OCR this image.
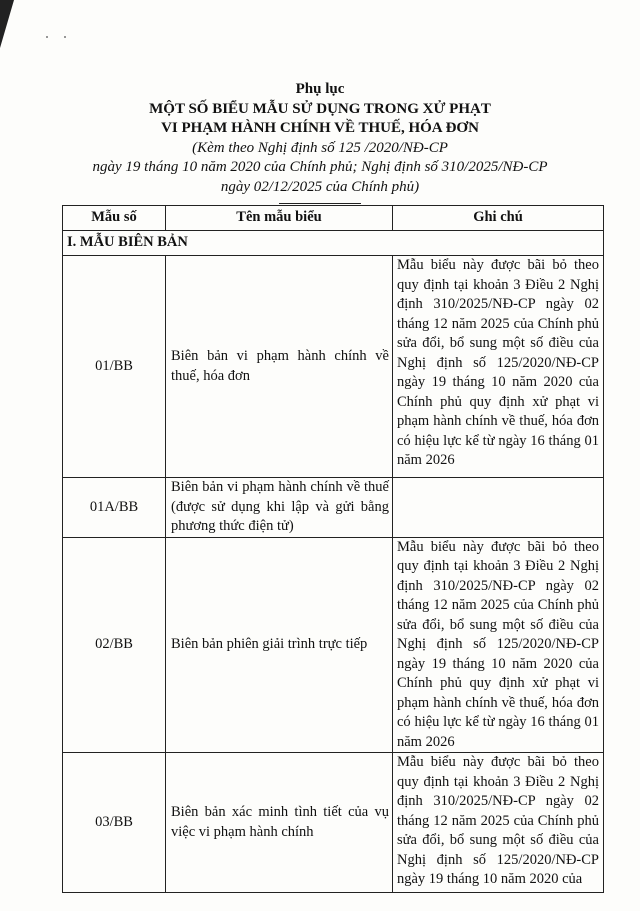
Phụ lục
MỘT SỐ BIỂU MẪU SỬ DỤNG TRONG XỬ PHẠT
VI PHẠM HÀNH CHÍNH VỀ THUẾ, HÓA ĐƠN
(Kèm theo Nghị định số 125 /2020/NĐ-CP
ngày 19 tháng 10 năm 2020 của Chính phủ; Nghị định số 310/2025/NĐ-CP
ngày 02/12/2025 của Chính phủ)
Mẫu số	Tên mẫu biểu	Ghi chú
I. MẪU BIÊN BẢN		
01/BB	Biên bản vi phạm hành chính về thuế, hóa đơn	Mẫu biểu này được bãi bỏ theo quy định tại khoản 3 Điều 2 Nghị định 310/2025/NĐ-CP ngày 02 tháng 12 năm 2025 của Chính phủ sửa đổi, bổ sung một số điều của Nghị định số 125/2020/NĐ-CP ngày 19 tháng 10 năm 2020 của Chính phủ quy định xử phạt vi phạm hành chính về thuế, hóa đơn có hiệu lực kể từ ngày 16 tháng 01 năm 2026
01A/BB	Biên bản vi phạm hành chính về thuế (được sử dụng khi lập và gửi bằng phương thức điện tử)	
02/BB	Biên bản phiên giải trình trực tiếp	Mẫu biểu này được bãi bỏ theo quy định tại khoản 3 Điều 2 Nghị định 310/2025/NĐ-CP ngày 02 tháng 12 năm 2025 của Chính phủ sửa đổi, bổ sung một số điều của Nghị định số 125/2020/NĐ-CP ngày 19 tháng 10 năm 2020 của Chính phủ quy định xử phạt vi phạm hành chính về thuế, hóa đơn có hiệu lực kể từ ngày 16 tháng 01 năm 2026
03/BB	Biên bản xác minh tình tiết của vụ việc vi phạm hành chính	Mẫu biểu này được bãi bỏ theo quy định tại khoản 3 Điều 2 Nghị định 310/2025/NĐ-CP ngày 02 tháng 12 năm 2025 của Chính phủ sửa đổi, bổ sung một số điều của Nghị định số 125/2020/NĐ-CP ngày 19 tháng 10 năm 2020 của
